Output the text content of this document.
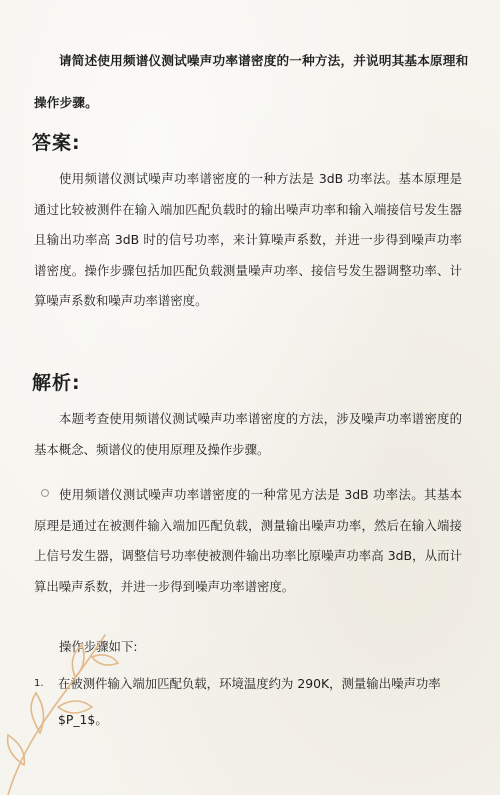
请简述使用频谱仪测试噪声功率谱密度的一种方法，并说明其基本原理和操作步骤。
答案:
使用频谱仪测试噪声功率谱密度的一种方法是 3dB 功率法。基本原理是通过比较被测件在输入端加匹配负载时的输出噪声功率和输入端接信号发生器且输出功率高 3dB 时的信号功率，来计算噪声系数，并进一步得到噪声功率谱密度。操作步骤包括加匹配负载测量噪声功率、接信号发生器调整功率、计算噪声系数和噪声功率谱密度。
解析:
本题考查使用频谱仪测试噪声功率谱密度的方法，涉及噪声功率谱密度的基本概念、频谱仪的使用原理及操作步骤。
使用频谱仪测试噪声功率谱密度的一种常见方法是 3dB 功率法。其基本原理是通过在被测件输入端加匹配负载，测量输出噪声功率，然后在输入端接上信号发生器，调整信号功率使被测件输出功率比原噪声功率高 3dB，从而计算出噪声系数，并进一步得到噪声功率谱密度。
操作步骤如下:
1.	在被测件输入端加匹配负载，环境温度约为 290K，测量输出噪声功率
$P_1$。
